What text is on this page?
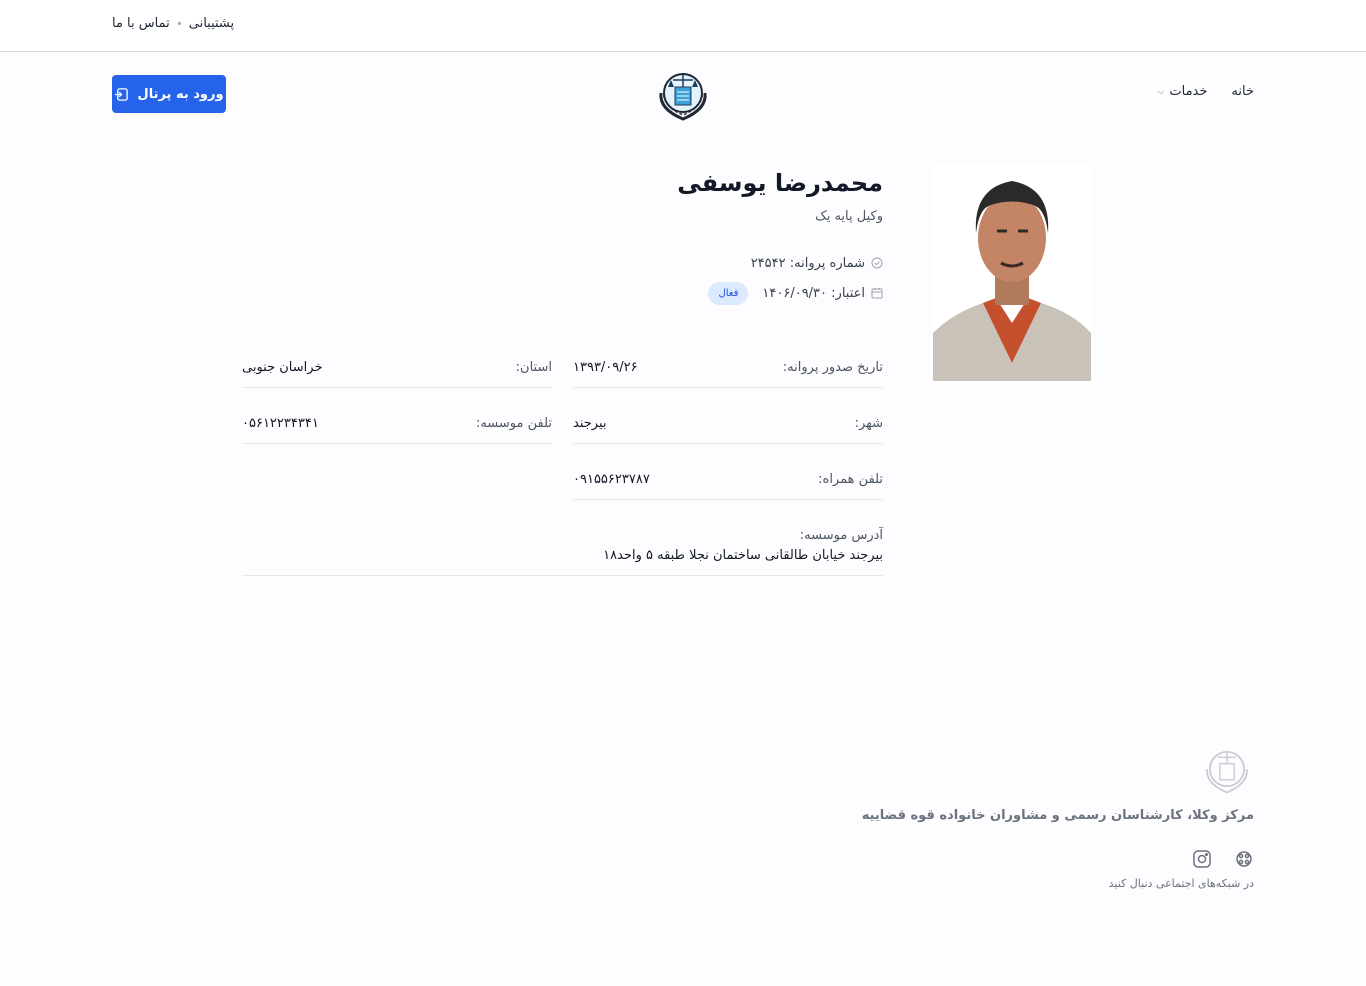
پشتیبانی
تماس با ما
ورود به پرتال	خانه
خدمات
⌵
محمدرضا یوسفی
وکیل پایه یک
شماره پروانه: ۲۴۵۴۲
اعتبار: ۱۴۰۶/۰۹/۳۰
فعال
تاریخ صدور پروانه:
۱۳۹۳/۰۹/۲۶
استان:
خراسان جنوبی
شهر:
بیرجند
تلفن موسسه:
۰۵۶۱۲۲۳۴۳۴۱
تلفن همراه:
۰۹۱۵۵۶۲۳۷۸۷
آدرس موسسه:
بیرجند خیابان طالقانی ساختمان نجلا طبقه ۵ واحد۱۸
مرکز وکلا، کارشناسان رسمی و مشاوران خانواده قوه قضاییه
در شبکه‌های اجتماعی دنبال کنید
